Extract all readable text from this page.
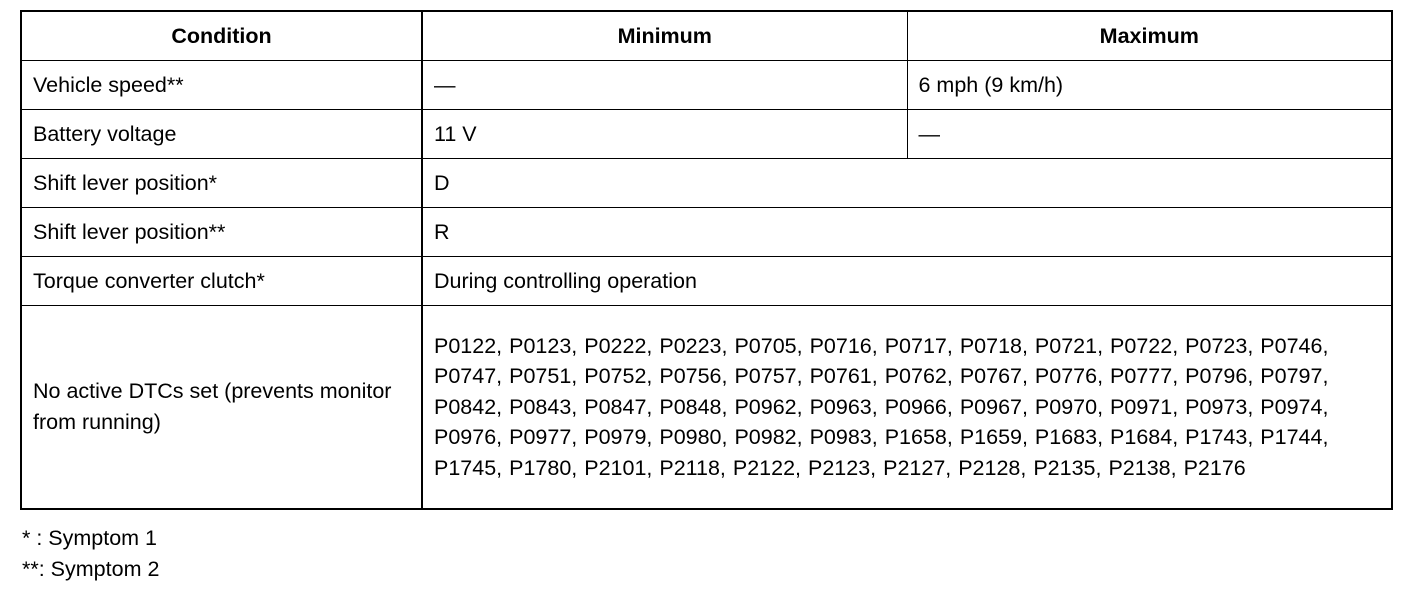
Condition	Minimum	Maximum
Vehicle speed**	—	6 mph (9 km/h)
Battery voltage	11 V	—
Shift lever position*	D	
Shift lever position**	R	
Torque converter clutch*	During controlling operation	
No active DTCs set (prevents monitor from running)	P0122, P0123, P0222, P0223, P0705, P0716, P0717, P0718, P0721, P0722, P0723, P0746, P0747, P0751, P0752, P0756, P0757, P0761, P0762, P0767, P0776, P0777, P0796, P0797, P0842, P0843, P0847, P0848, P0962, P0963, P0966, P0967, P0970, P0971, P0973, P0974, P0976, P0977, P0979, P0980, P0982, P0983, P1658, P1659, P1683, P1684, P1743, P1744, P1745, P1780, P2101, P2118, P2122, P2123, P2127, P2128, P2135, P2138, P2176	
* : Symptom 1
**: Symptom 2
